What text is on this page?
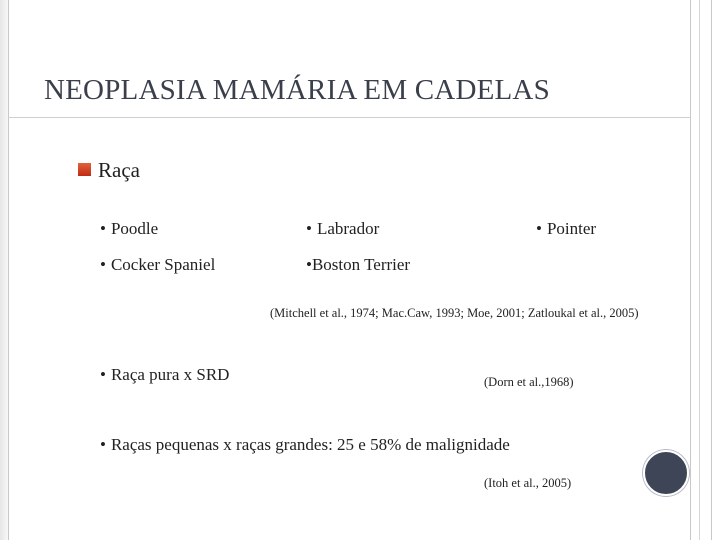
NEOPLASIA MAMÁRIA EM CADELAS
Raça
• Poodle	• Labrador	• Pointer
• Cocker Spaniel	•Boston Terrier
(Mitchell et al., 1974; Mac.Caw, 1993; Moe, 2001; Zatloukal et al., 2005)
• Raça pura x SRD	(Dorn et al.,1968)
• Raças pequenas x raças grandes: 25 e 58% de malignidade
(Itoh et al., 2005)
